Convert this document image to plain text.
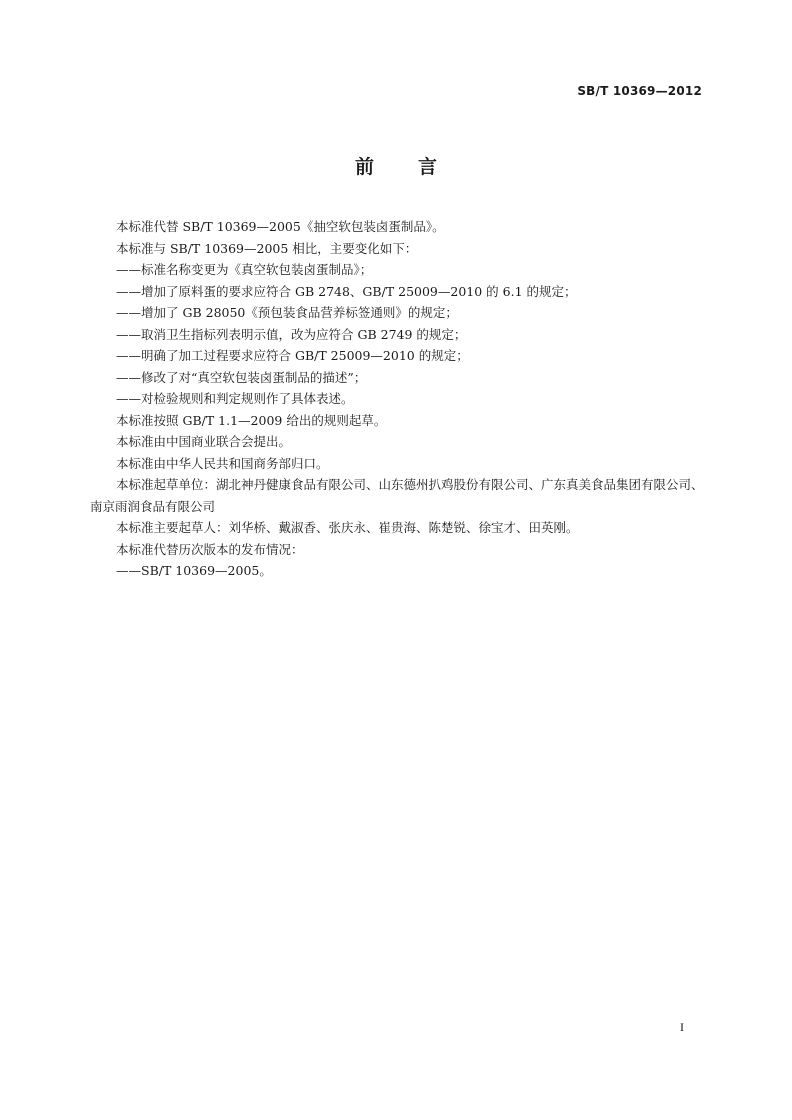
SB/T 10369—2012
前言

本标准代替 SB/T 10369—2005《抽空软包装卤蛋制品》。

本标准与 SB/T 10369—2005 相比，主要变化如下：

——标准名称变更为《真空软包装卤蛋制品》；

——增加了原料蛋的要求应符合 GB 2748、GB/T 25009—2010 的 6.1 的规定；

——增加了 GB 28050《预包装食品营养标签通则》的规定；

——取消卫生指标列表明示值，改为应符合 GB 2749 的规定；

——明确了加工过程要求应符合 GB/T 25009—2010 的规定；

——修改了对“真空软包装卤蛋制品的描述”；

——对检验规则和判定规则作了具体表述。

本标准按照 GB/T 1.1—2009 给出的规则起草。

本标准由中国商业联合会提出。

本标准由中华人民共和国商务部归口。

本标准起草单位：湖北神丹健康食品有限公司、山东德州扒鸡股份有限公司、广东真美食品集团有限公司、南京雨润食品有限公司

本标准主要起草人：刘华桥、戴淑香、张庆永、崔贵海、陈楚锐、徐宝才、田英刚。

本标准代替历次版本的发布情况：

——SB/T 10369—2005。

I
